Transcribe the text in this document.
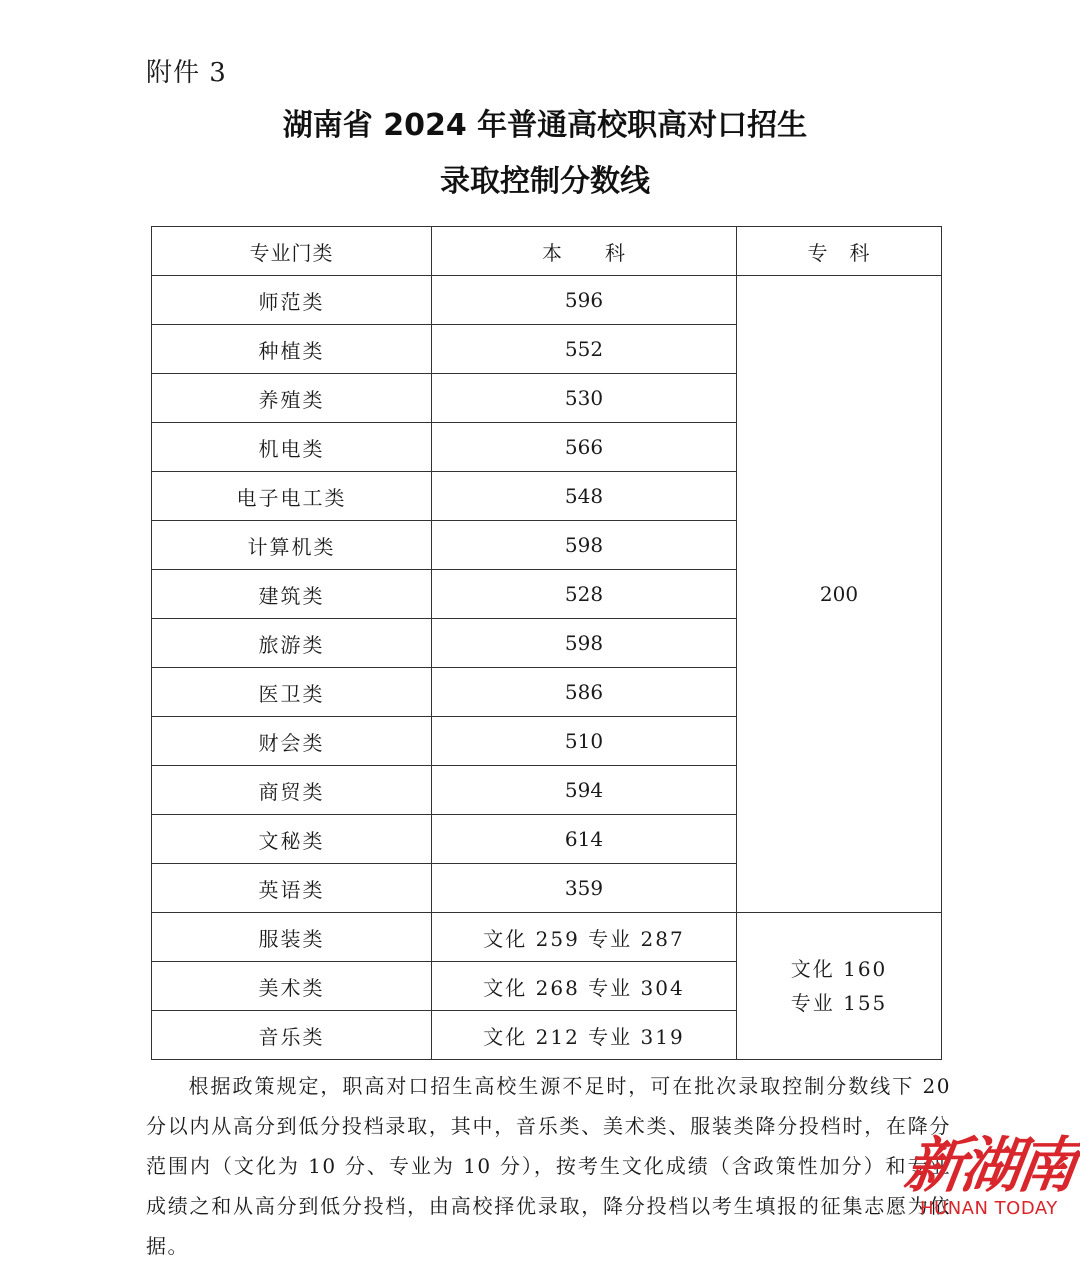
附件 3
湖南省 2024 年普通高校职高对口招生
录取控制分数线
专业门类	本　　科	专　科
师范类	596	200
种植类	552	
养殖类	530	
机电类	566	
电子电工类	548	
计算机类	598	
建筑类	528	
旅游类	598	
医卫类	586	
财会类	510	
商贸类	594	
文秘类	614	
英语类	359	
服装类	文化 259 专业 287	文化 160
专业 155

美术类	文化 268 专业 304	
音乐类	文化 212 专业 319	
根据政策规定，职高对口招生高校生源不足时，可在批次录取控制分数线下 20 分以内从高分到低分投档录取，其中，音乐类、美术类、服装类降分投档时，在降分范围内（文化为 10 分、专业为 10 分），按考生文化成绩（含政策性加分）和专业成绩之和从高分到低分投档，由高校择优录取，降分投档以考生填报的征集志愿为依据。
新湖南
HUNAN TODAY
